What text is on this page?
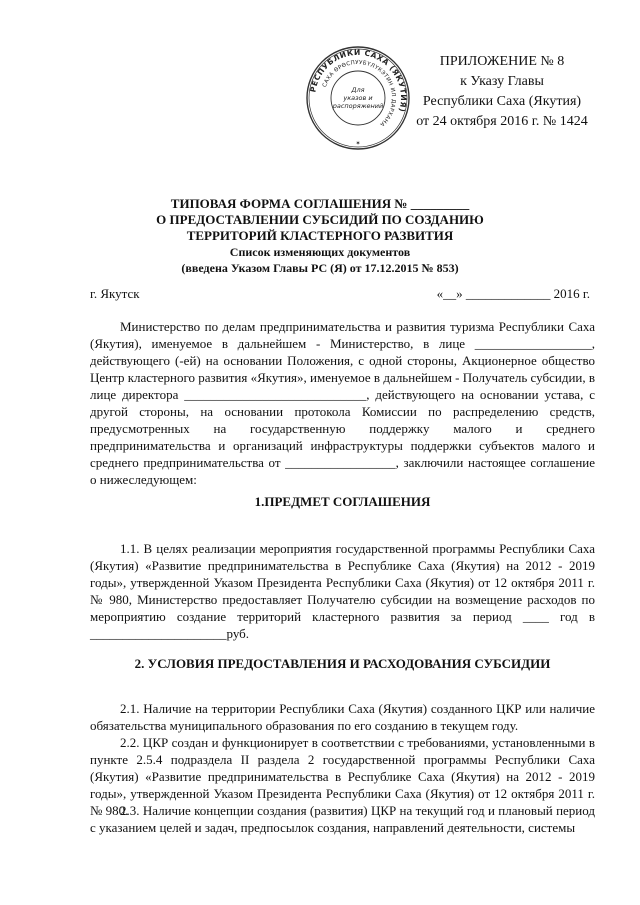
РЕСПУБЛИКИ САХА (ЯКУТИЯ)
САХА ӨРӨСПУУБҮЛҮКЭТИН ИЛ ДАРХАНА
Для
указов и
распоряжений
✶
ПРИЛОЖЕНИЕ № 8
к Указу Главы
Республики Саха (Якутия)
от 24 октября 2016 г. № 1424
ТИПОВАЯ ФОРМА СОГЛАШЕНИЯ № _________
О ПРЕДОСТАВЛЕНИИ СУБСИДИЙ ПО СОЗДАНИЮ
ТЕРРИТОРИЙ КЛАСТЕРНОГО РАЗВИТИЯ
Список изменяющих документов
(введена Указом Главы РС (Я) от 17.12.2015 № 853)
г. Якутск	«__» _____________ 2016 г.

Министерство по делам предпринимательства и развития туризма Республики Саха (Якутия), именуемое в дальнейшем - Министерство, в лице __________________, действующего (-ей) на основании Положения, с одной стороны, Акционерное общество Центр кластерного развития «Якутия», именуемое в дальнейшем - Получатель субсидии, в лице директора ____________________________, действующего на основании устава, с другой стороны, на основании протокола Комиссии по распределению средств, предусмотренных на государственную поддержку малого и среднего предпринимательства и организаций инфраструктуры поддержки субъектов малого и среднего предпринимательства от _________________, заключили настоящее соглашение о нижеследующем:

1.ПРЕДМЕТ СОГЛАШЕНИЯ

1.1. В целях реализации мероприятия государственной программы Республики Саха (Якутия) «Развитие предпринимательства в Республике Саха (Якутия) на 2012 - 2019 годы», утвержденной Указом Президента Республики Саха (Якутия) от 12 октября 2011 г. № 980, Министерство предоставляет Получателю субсидии на возмещение расходов по мероприятию создание территорий кластерного развития за период ____ год в _____________________руб.

2. УСЛОВИЯ ПРЕДОСТАВЛЕНИЯ И РАСХОДОВАНИЯ СУБСИДИИ

2.1. Наличие на территории Республики Саха (Якутия) созданного ЦКР или наличие обязательства муниципального образования по его созданию в текущем году.

2.2. ЦКР создан и функционирует в соответствии с требованиями, установленными в пункте 2.5.4 подраздела II раздела 2 государственной программы Республики Саха (Якутия) «Развитие предпринимательства в Республике Саха (Якутия) на 2012 - 2019 годы», утвержденной Указом Президента Республики Саха (Якутия) от 12 октября 2011 г. № 980.

2.3. Наличие концепции создания (развития) ЦКР на текущий год и плановый период с указанием целей и задач, предпосылок создания, направлений деятельности, системы
